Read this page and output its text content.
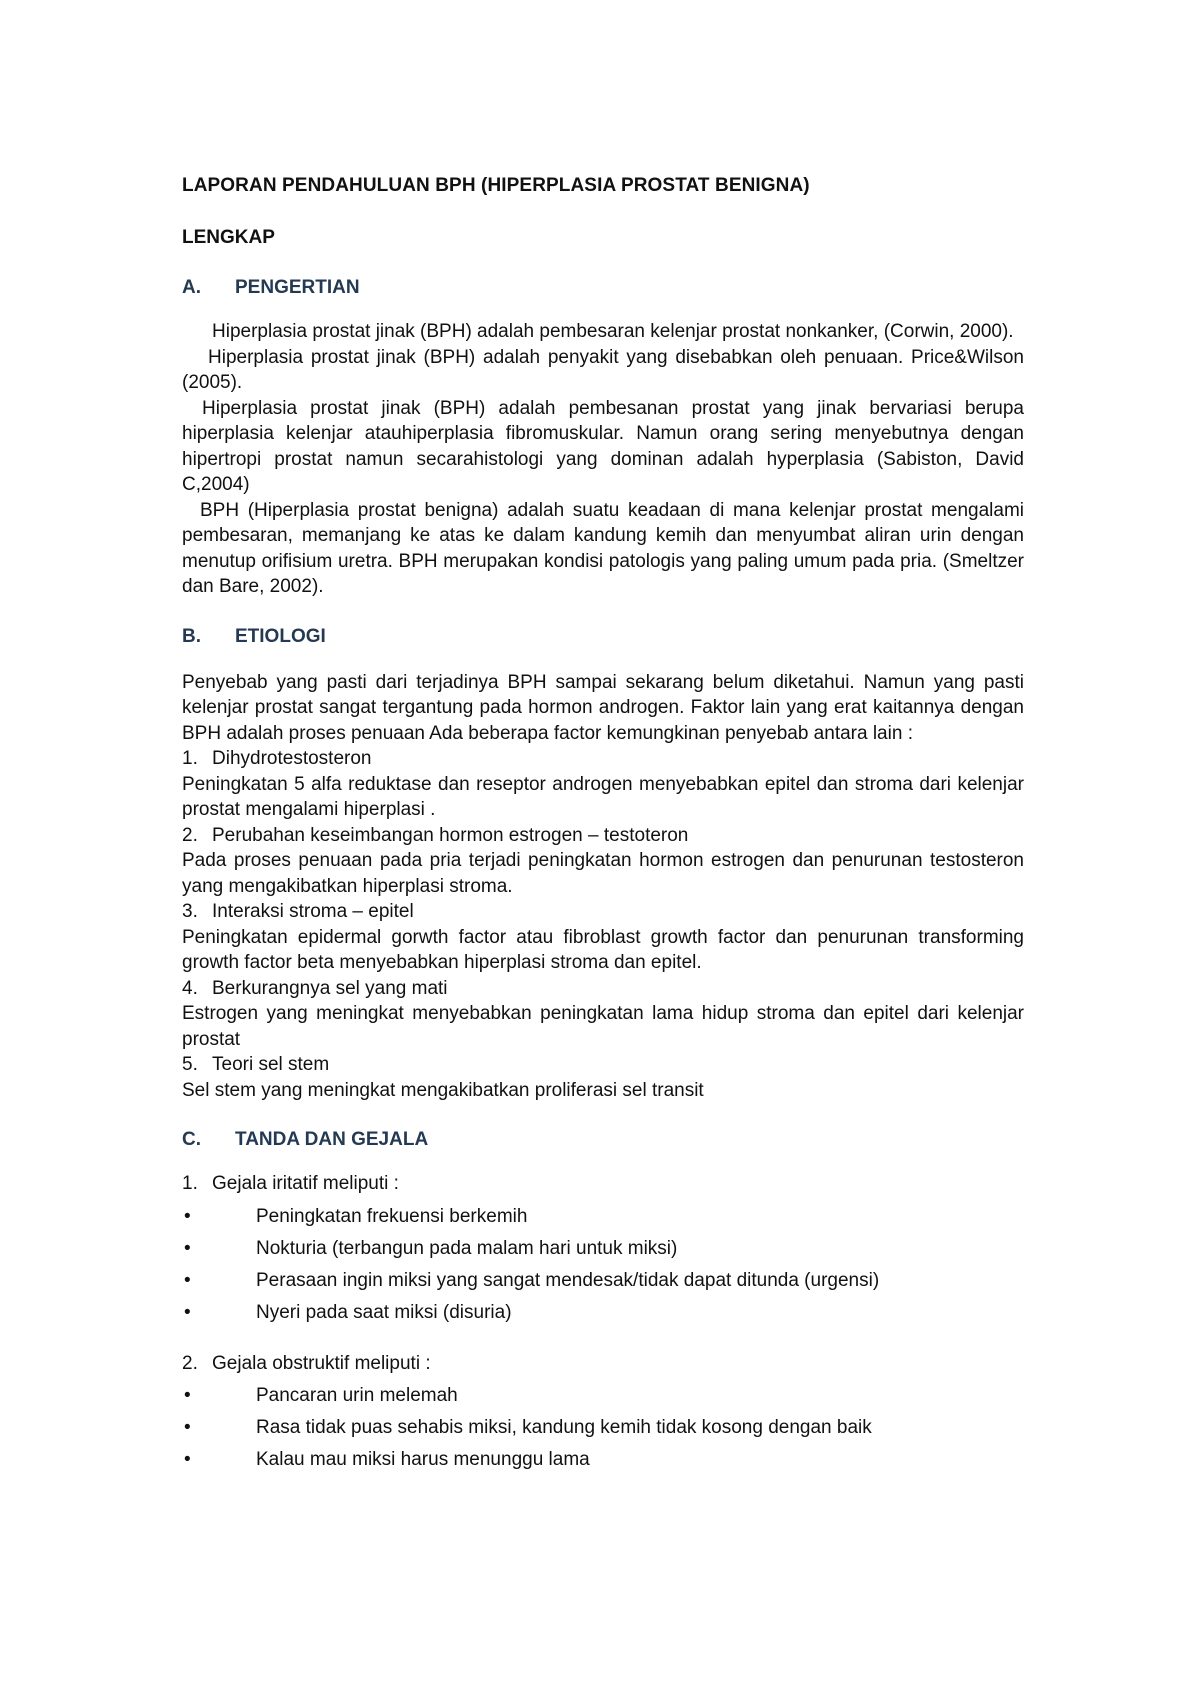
LAPORAN PENDAHULUAN BPH (HIPERPLASIA PROSTAT BENIGNA)

LENGKAP

A.	PENGERTIAN

Hiperplasia prostat jinak (BPH) adalah pembesaran kelenjar prostat nonkanker, (Corwin, 2000).

Hiperplasia prostat jinak (BPH) adalah penyakit yang disebabkan oleh penuaan. Price&Wilson (2005).

Hiperplasia prostat jinak (BPH) adalah pembesanan prostat yang jinak bervariasi berupa hiperplasia kelenjar atauhiperplasia fibromuskular. Namun orang sering menyebutnya dengan hipertropi prostat namun secarahistologi yang dominan adalah hyperplasia (Sabiston, David C,2004)

BPH (Hiperplasia prostat benigna) adalah suatu keadaan di mana kelenjar prostat mengalami pembesaran, memanjang ke atas ke dalam kandung kemih dan menyumbat aliran urin dengan menutup orifisium uretra. BPH merupakan kondisi patologis yang paling umum pada pria. (Smeltzer dan Bare, 2002).

B.	ETIOLOGI

Penyebab yang pasti dari terjadinya BPH sampai sekarang belum diketahui. Namun yang pasti kelenjar prostat sangat tergantung pada hormon androgen. Faktor lain yang erat kaitannya dengan BPH adalah proses penuaan Ada beberapa factor kemungkinan penyebab antara lain :

1. Dihydrotestosteron

Peningkatan 5 alfa reduktase dan reseptor androgen menyebabkan epitel dan stroma dari kelenjar prostat mengalami hiperplasi .

2. Perubahan keseimbangan hormon estrogen – testoteron

Pada proses penuaan pada pria terjadi peningkatan hormon estrogen dan penurunan testosteron yang mengakibatkan hiperplasi stroma.

3. Interaksi stroma – epitel

Peningkatan epidermal gorwth factor atau fibroblast growth factor dan penurunan transforming growth factor beta menyebabkan hiperplasi stroma dan epitel.

4. Berkurangnya sel yang mati

Estrogen yang meningkat menyebabkan peningkatan lama hidup stroma dan epitel dari kelenjar prostat

5. Teori sel stem

Sel stem yang meningkat mengakibatkan proliferasi sel transit

C.	TANDA DAN GEJALA

1. Gejala iritatif meliputi :

•	Peningkatan frekuensi berkemih
•	Nokturia (terbangun pada malam hari untuk miksi)
•	Perasaan ingin miksi yang sangat mendesak/tidak dapat ditunda (urgensi)
•	Nyeri pada saat miksi (disuria)

2. Gejala obstruktif meliputi :

•	Pancaran urin melemah
•	Rasa tidak puas sehabis miksi, kandung kemih tidak kosong dengan baik
•	Kalau mau miksi harus menunggu lama
